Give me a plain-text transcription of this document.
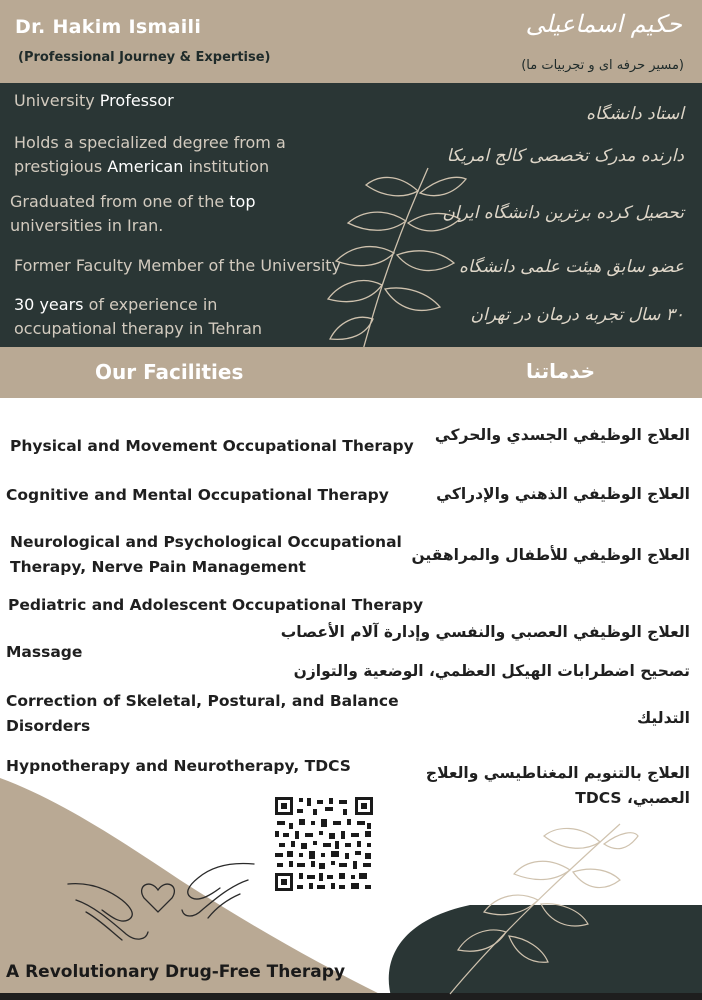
Dr. Hakim Ismaili
(Professional Journey & Expertise)
حکیم اسماعیلی
(مسیر حرفه ای و تجربیات ما)
University Professor
Holds a specialized degree from a
prestigious American institution
Graduated from one of the top
universities in Iran.
Former Faculty Member of the University
30 years of experience in
occupational therapy in Tehran
استاد دانشگاه
دارنده مدرک تخصصی کالج امریکا
تحصیل کرده برترین دانشگاه ایران
عضو سابق هیئت علمی دانشگاه
۳۰ سال تجربه درمان در تهران
Our Facilities	خدماتنا
Physical and Movement Occupational Therapy
Cognitive and Mental Occupational Therapy
Neurological and Psychological Occupational
Therapy, Nerve Pain Management
Pediatric and Adolescent Occupational Therapy
Massage
Correction of Skeletal, Postural, and Balance
Disorders
Hypnotherapy and Neurotherapy, TDCS
العلاج الوظيفي الجسدي والحركي
العلاج الوظيفي الذهني والإدراكي
العلاج الوظيفي للأطفال والمراهقين
العلاج الوظيفي العصبي والنفسي وإدارة آلام الأعصاب
تصحيح اضطرابات الهيكل العظمي، الوضعية والتوازن
التدليك
العلاج بالتنويم المغناطيسي والعلاج
العصبي، TDCS
A Revolutionary Drug-Free Therapy
